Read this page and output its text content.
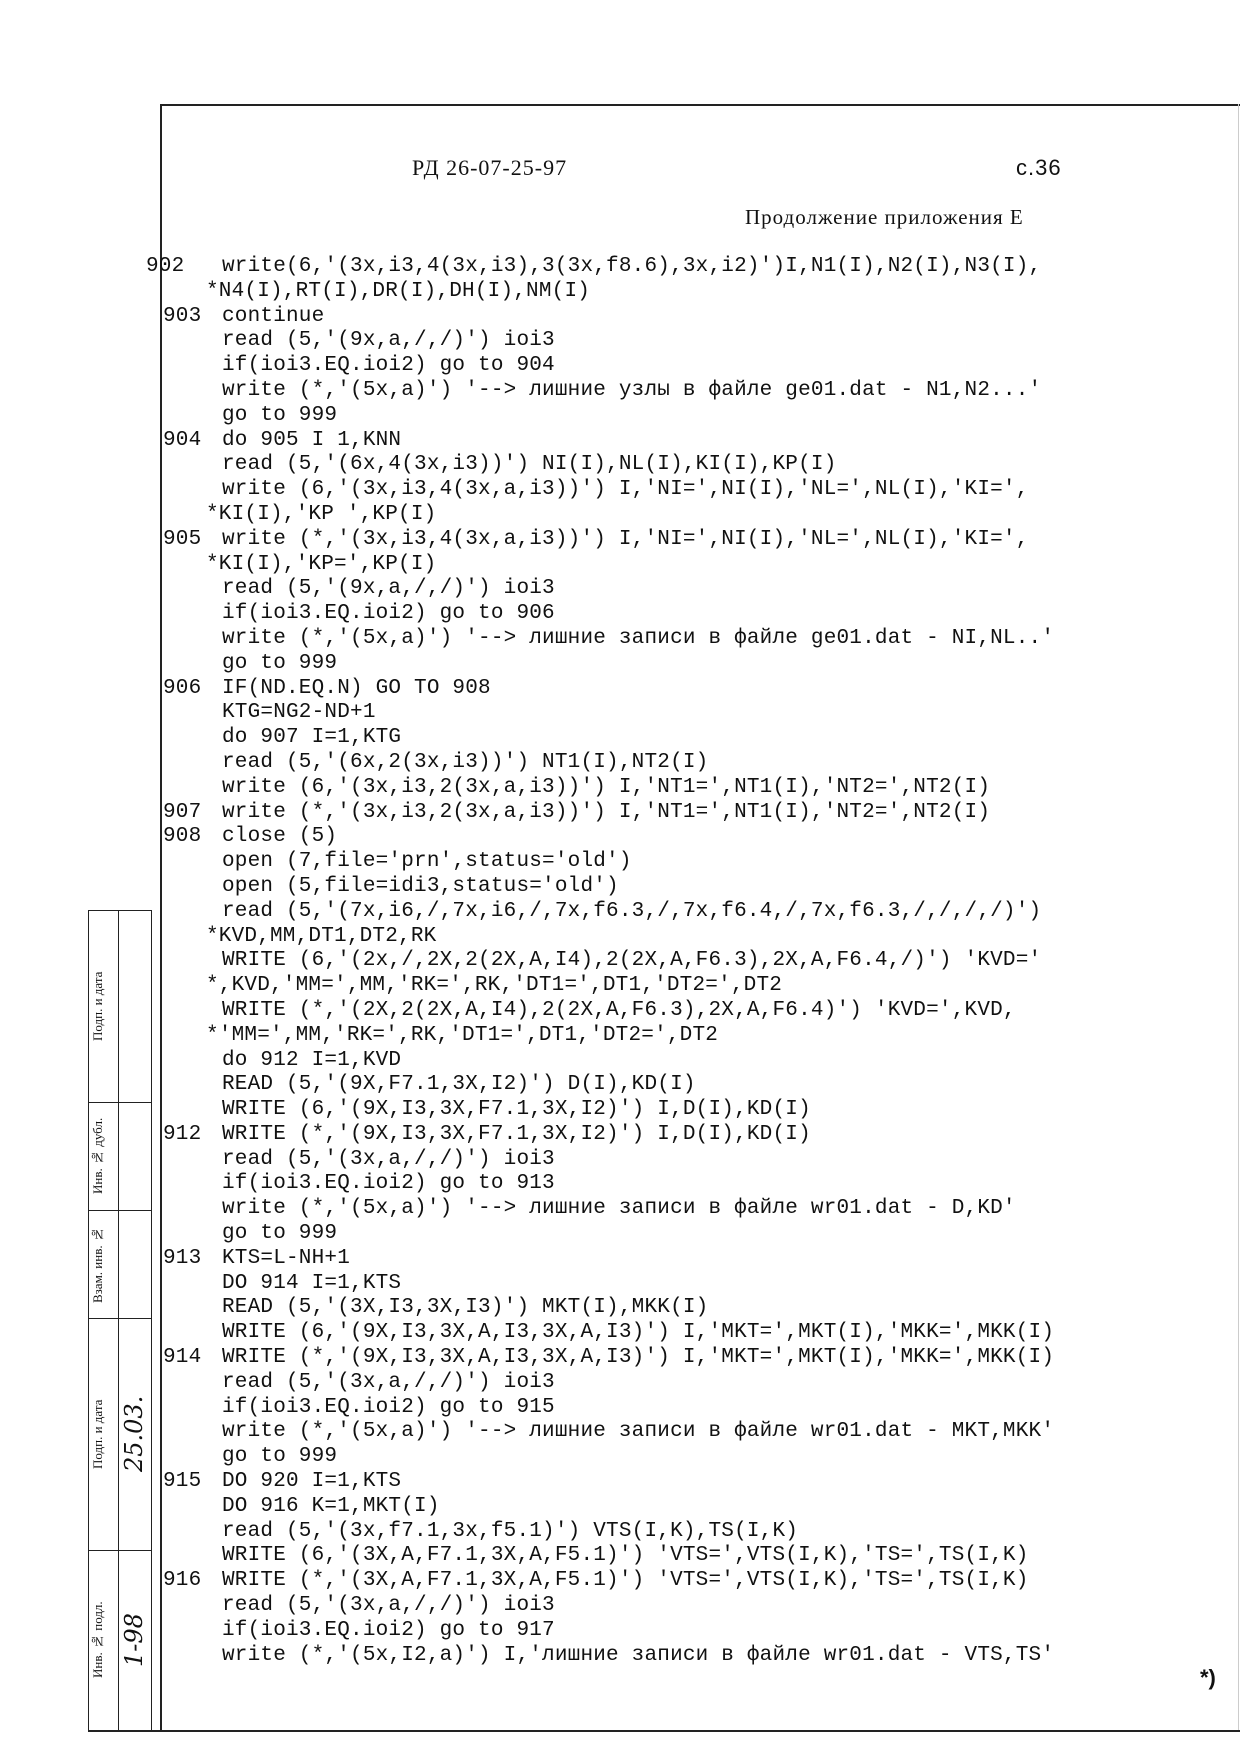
РД 26-07-25-97	с.36
Продолжение приложения Е
902 write(6,'(3x,i3,4(3x,i3),3(3x,f8.6),3x,i2)')I,N1(I),N2(I),N3(I),
*N4(I),RT(I),DR(I),DH(I),NM(I)
903 continue
read (5,'(9x,a,/,/)') ioi3
if(ioi3.EQ.ioi2) go to 904
write (*,'(5x,a)') '--> лишние узлы в файле ge01.dat - N1,N2...'
go to 999
904 do 905 I 1,KNN
read (5,'(6x,4(3x,i3))') NI(I),NL(I),KI(I),KP(I)
write (6,'(3x,i3,4(3x,a,i3))') I,'NI=',NI(I),'NL=',NL(I),'KI=',
*KI(I),'KP ',KP(I)
905 write (*,'(3x,i3,4(3x,a,i3))') I,'NI=',NI(I),'NL=',NL(I),'KI=',
*KI(I),'KP=',KP(I)
read (5,'(9x,a,/,/)') ioi3
if(ioi3.EQ.ioi2) go to 906
write (*,'(5x,a)') '--> лишние записи в файле ge01.dat - NI,NL..'
go to 999
906 IF(ND.EQ.N) GO TO 908
KTG=NG2-ND+1
do 907 I=1,KTG
read (5,'(6x,2(3x,i3))') NT1(I),NT2(I)
write (6,'(3x,i3,2(3x,a,i3))') I,'NT1=',NT1(I),'NT2=',NT2(I)
907 write (*,'(3x,i3,2(3x,a,i3))') I,'NT1=',NT1(I),'NT2=',NT2(I)
908 close (5)
open (7,file='prn',status='old')
open (5,file=idi3,status='old')
read (5,'(7x,i6,/,7x,i6,/,7x,f6.3,/,7x,f6.4,/,7x,f6.3,/,/,/,/)')
*KVD,MM,DT1,DT2,RK
WRITE (6,'(2x,/,2X,2(2X,A,I4),2(2X,A,F6.3),2X,A,F6.4,/)') 'KVD='
*,KVD,'MM=',MM,'RK=',RK,'DT1=',DT1,'DT2=',DT2
WRITE (*,'(2X,2(2X,A,I4),2(2X,A,F6.3),2X,A,F6.4)') 'KVD=',KVD,
*'MM=',MM,'RK=',RK,'DT1=',DT1,'DT2=',DT2
do 912 I=1,KVD
READ (5,'(9X,F7.1,3X,I2)') D(I),KD(I)
WRITE (6,'(9X,I3,3X,F7.1,3X,I2)') I,D(I),KD(I)
912 WRITE (*,'(9X,I3,3X,F7.1,3X,I2)') I,D(I),KD(I)
read (5,'(3x,a,/,/)') ioi3
if(ioi3.EQ.ioi2) go to 913
write (*,'(5x,a)') '--> лишние записи в файле wr01.dat - D,KD'
go to 999
913 KTS=L-NH+1
DO 914 I=1,KTS
READ (5,'(3X,I3,3X,I3)') MKT(I),MKK(I)
WRITE (6,'(9X,I3,3X,A,I3,3X,A,I3)') I,'MKT=',MKT(I),'MKK=',MKK(I)
914 WRITE (*,'(9X,I3,3X,A,I3,3X,A,I3)') I,'MKT=',MKT(I),'MKK=',MKK(I)
read (5,'(3x,a,/,/)') ioi3
if(ioi3.EQ.ioi2) go to 915
write (*,'(5x,a)') '--> лишние записи в файле wr01.dat - MKT,MKK'
go to 999
915 DO 920 I=1,KTS
DO 916 K=1,MKT(I)
read (5,'(3x,f7.1,3x,f5.1)') VTS(I,K),TS(I,K)
WRITE (6,'(3X,A,F7.1,3X,A,F5.1)') 'VTS=',VTS(I,K),'TS=',TS(I,K)
916 WRITE (*,'(3X,A,F7.1,3X,A,F5.1)') 'VTS=',VTS(I,K),'TS=',TS(I,K)
read (5,'(3x,a,/,/)') ioi3
if(ioi3.EQ.ioi2) go to 917
write (*,'(5x,I2,a)') I,'лишние записи в файле wr01.dat - VTS,TS'
*)
Инв. № подл.
Подп. и дата
Взам. инв. №
Инв. № дубл.
Подп. и дата
1-98
25.03.
